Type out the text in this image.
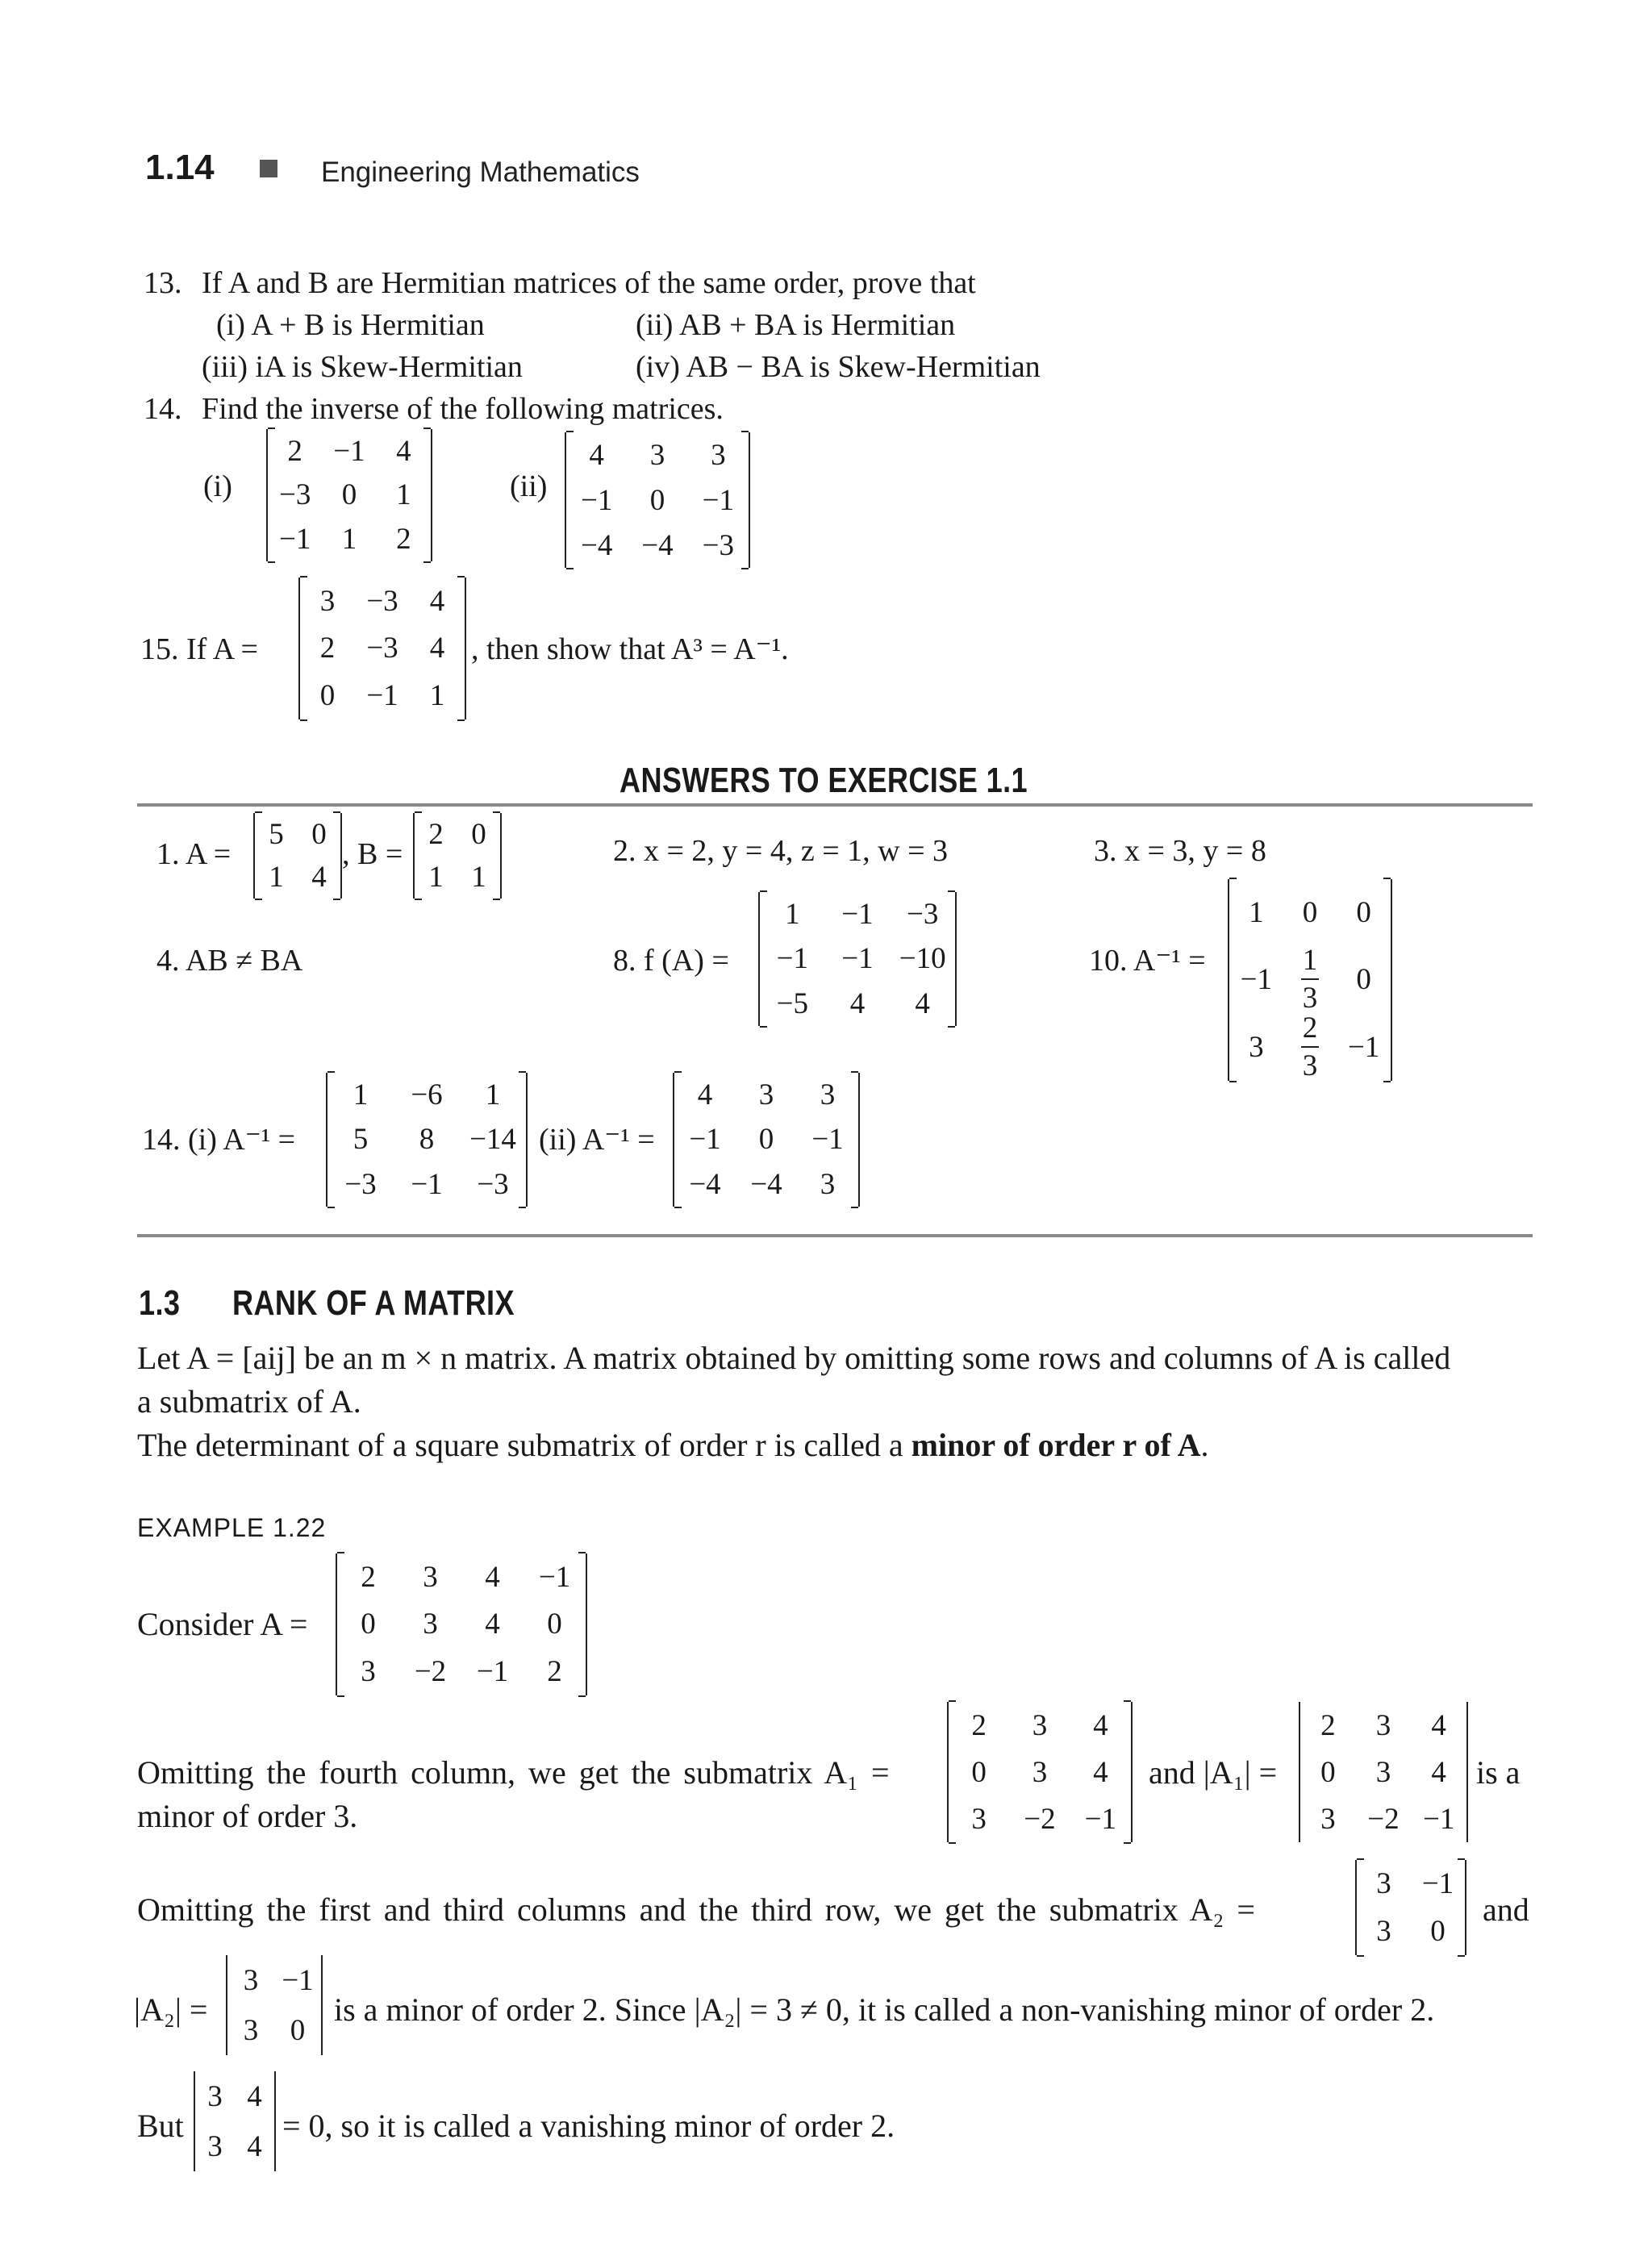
1.14	Engineering Mathematics
13. If A and B are Hermitian matrices of the same order, prove that
(i) A + B is Hermitian	(ii) AB + BA is Hermitian
(iii) iA is Skew-Hermitian	(iv) AB − BA is Skew-Hermitian
14. Find the inverse of the following matrices.
(i)
2 −1 4
−3 0 1
−1 1 2
(ii)
4 3 3
−1 0 −1
−4 −4 −3
15. If A =
3 −3 4
2 −3 4
0 −1 1
, then show that A³ = A⁻¹.
ANSWERS TO EXERCISE 1.1
1. A =
5 0
1 4
, B =
2 0
1 1
2. x = 2, y = 4, z = 1, w = 3	3. x = 3, y = 8
4. AB ≠ BA	8. f (A) =
1 −1 −3
−1 −1 −10
−5 4 4
10. A⁻¹ =
1 0 0
$-1 \frac{1}{3} 0$
$3 \frac{2}{3} -1$
14. (i) A⁻¹ =
1 −6 1
5 8 −14
−3 −1 −3
(ii) A⁻¹ =
4 3 3
−1 0 −1
−4 −4 3
1.3 RANK OF A MATRIX
Let A = [aij] be an m × n matrix. A matrix obtained by omitting some rows and columns of A is called
a submatrix of A.
The determinant of a square submatrix of order r is called a minor of order r of A.
EXAMPLE 1.22
Consider A =
2 3 4 −1
0 3 4 0
3 −2 −1 2
Omitting the fourth column, we get the submatrix A₁ =
minor of order 3.
2 3 4
0 3 4
3 −2 −1
and |A₁| =
2 3 4
0 3 4
3 −2 −1
is a
Omitting the first and third columns and the third row, we get the submatrix A₂ =
3 −1
3 0
and
|A₂| =
3 −1
3 0
is a minor of order 2. Since |A₂| = 3 ≠ 0, it is called a non-vanishing minor of order 2.
But
3 4
3 4
= 0, so it is called a vanishing minor of order 2.
